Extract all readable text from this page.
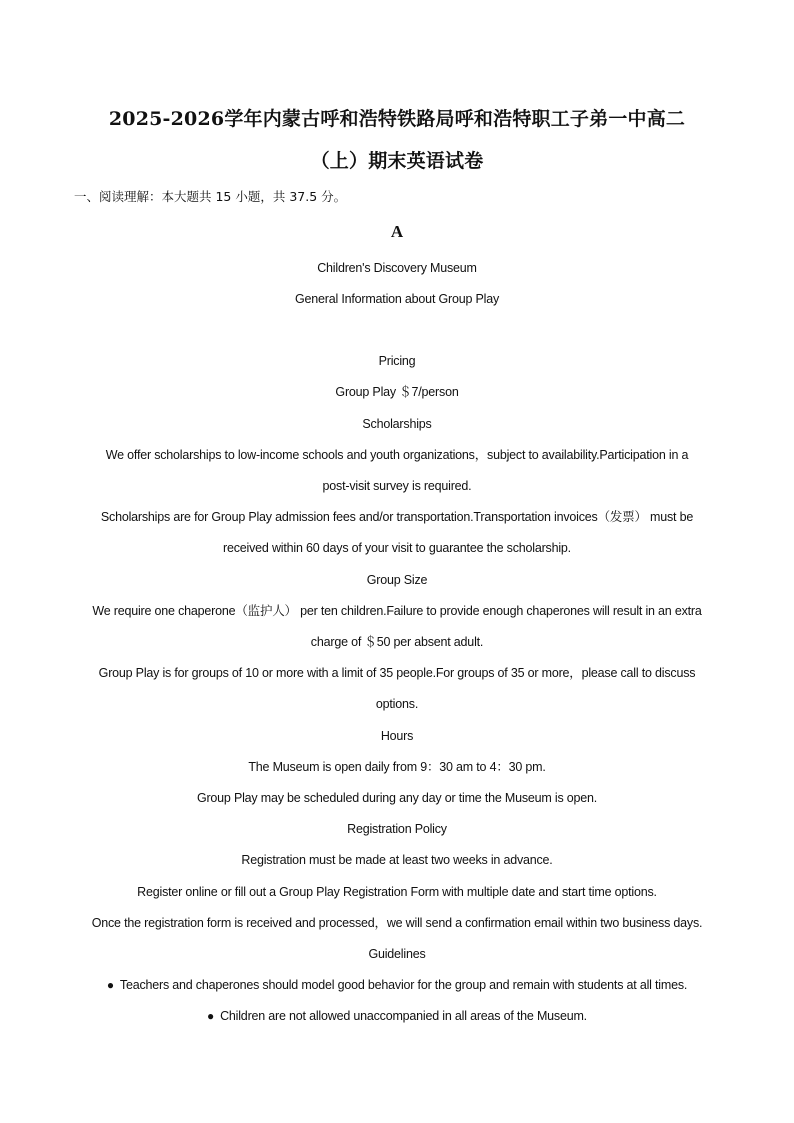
2025-2026学年内蒙古呼和浩特铁路局呼和浩特职工子弟一中高二
（上）期末英语试卷

一、阅读理解：本大题共 15 小题，共 37.5 分。

A

Children's Discovery Museum

General Information about Group Play

Pricing

Group Play ＄7/person

Scholarships

We offer scholarships to low-income schools and youth organizations，subject to availability.Participation in a

post-visit survey is required.

Scholarships are for Group Play admission fees and/or transportation.Transportation invoices（发票） must be

received within 60 days of your visit to guarantee the scholarship.

Group Size

We require one chaperone（监护人） per ten children.Failure to provide enough chaperones will result in an extra

charge of ＄50 per absent adult.

Group Play is for groups of 10 or more with a limit of 35 people.For groups of 35 or more，please call to discuss

options.

Hours

The Museum is open daily from 9：30 am to 4：30 pm.

Group Play may be scheduled during any day or time the Museum is open.

Registration Policy

Registration must be made at least two weeks in advance.

Register online or fill out a Group Play Registration Form with multiple date and start time options.

Once the registration form is received and processed，we will send a confirmation email within two business days.

Guidelines

● Teachers and chaperones should model good behavior for the group and remain with students at all times.

● Children are not allowed unaccompanied in all areas of the Museum.
